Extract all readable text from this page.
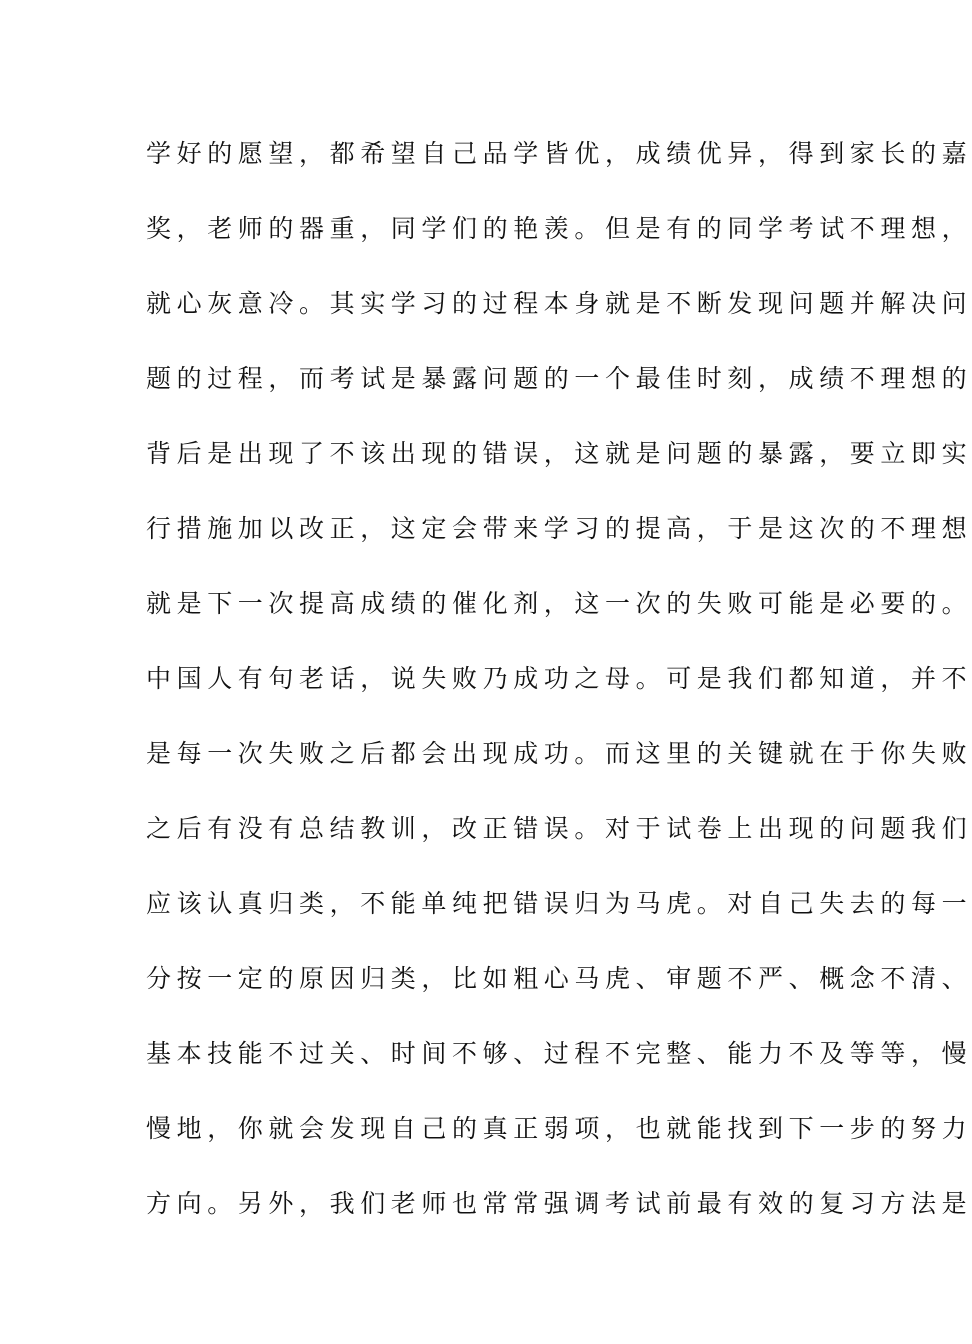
学好的愿望，都希望自己品学皆优，成绩优异，得到家长的嘉
奖，老师的器重，同学们的艳羡。但是有的同学考试不理想，
就心灰意冷。其实学习的过程本身就是不断发现问题并解决问
题的过程，而考试是暴露问题的一个最佳时刻，成绩不理想的
背后是出现了不该出现的错误，这就是问题的暴露，要立即实
行措施加以改正，这定会带来学习的提高，于是这次的不理想
就是下一次提高成绩的催化剂，这一次的失败可能是必要的。
中国人有句老话，说失败乃成功之母。可是我们都知道，并不
是每一次失败之后都会出现成功。而这里的关键就在于你失败
之后有没有总结教训，改正错误。对于试卷上出现的问题我们
应该认真归类，不能单纯把错误归为马虎。对自己失去的每一
分按一定的原因归类，比如粗心马虎、审题不严、概念不清、
基本技能不过关、时间不够、过程不完整、能力不及等等，慢
慢地，你就会发现自己的真正弱项，也就能找到下一步的努力
方向。另外，我们老师也常常强调考试前最有效的复习方法是
